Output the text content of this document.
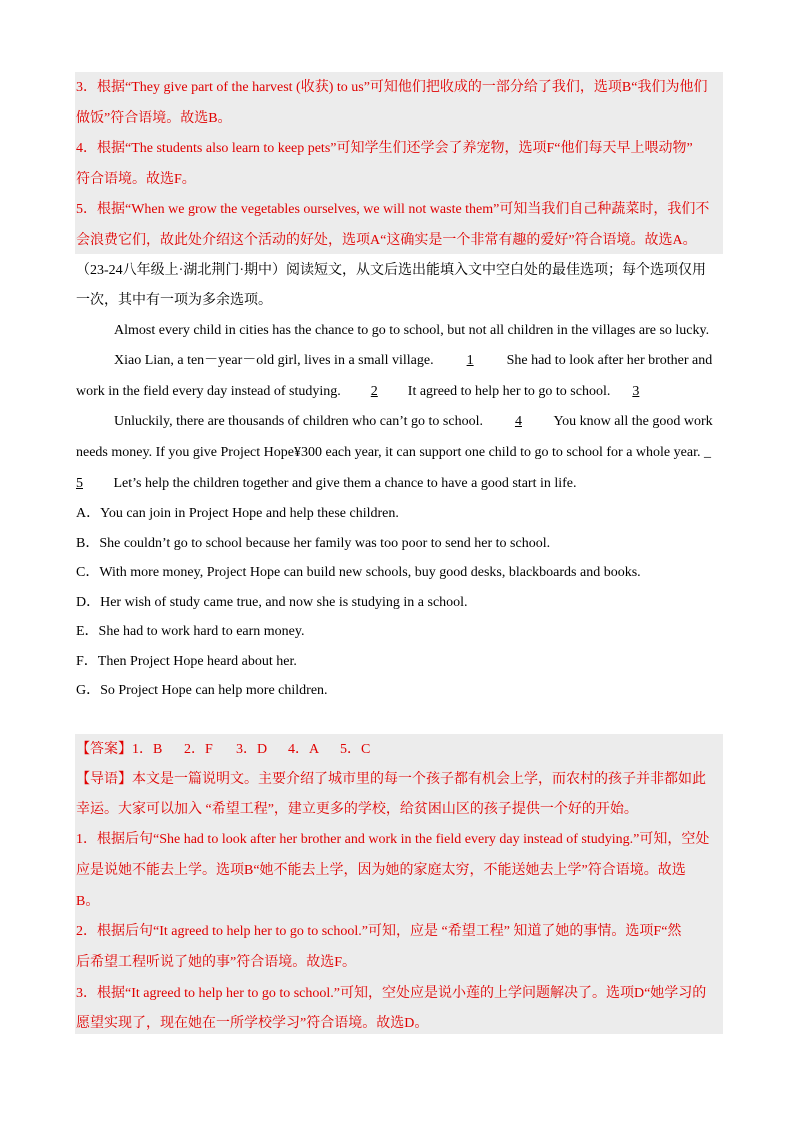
3．根据“They give part of the harvest (收获) to us”可知他们把收成的一部分给了我们，选项B“我们为他们
做饭”符合语境。故选B。
4．根据“The students also learn to keep pets”可知学生们还学会了养宠物，选项F“他们每天早上喂动物”
符合语境。故选F。
5．根据“When we grow the vegetables ourselves, we will not waste them”可知当我们自己种蔬菜时，我们不
会浪费它们，故此处介绍这个活动的好处，选项A“这确实是一个非常有趣的爱好”符合语境。故选A。
（23-24八年级上·湖北荆门·期中）阅读短文，从文后选出能填入文中空白处的最佳选项；每个选项仅用
一次，其中有一项为多余选项。
Almost every child in cities has the chance to go to school, but not all children in the villages are so lucky.
Xiao Lian, a ten－year－old girl, lives in a small village. 1 She had to look after her brother and
work in the field every day instead of studying. 2 It agreed to help her to go to school. 3
Unluckily, there are thousands of children who can’t go to school. 4 You know all the good work
needs money. If you give Project Hope¥300 each year, it can support one child to go to school for a whole year. _
5 Let’s help the children together and give them a chance to have a good start in life.
A．You can join in Project Hope and help these children.
B．She couldn’t go to school because her family was too poor to send her to school.
C．With more money, Project Hope can build new schools, buy good desks, blackboards and books.
D．Her wish of study came true, and now she is studying in a school.
E．She had to work hard to earn money.
F．Then Project Hope heard about her.
G．So Project Hope can help more children.
【答案】1．B 2．F 3．D 4．A 5．C
【导语】本文是一篇说明文。主要介绍了城市里的每一个孩子都有机会上学，而农村的孩子并非都如此
幸运。大家可以加入 “希望工程”，建立更多的学校，给贫困山区的孩子提供一个好的开始。
1．根据后句“She had to look after her brother and work in the field every day instead of studying.”可知，空处
应是说她不能去上学。选项B“她不能去上学，因为她的家庭太穷，不能送她去上学”符合语境。故选
B。
2．根据后句“It agreed to help her to go to school.”可知，应是 “希望工程” 知道了她的事情。选项F“然
后希望工程听说了她的事”符合语境。故选F。
3．根据“It agreed to help her to go to school.”可知，空处应是说小莲的上学问题解决了。选项D“她学习的
愿望实现了，现在她在一所学校学习”符合语境。故选D。
